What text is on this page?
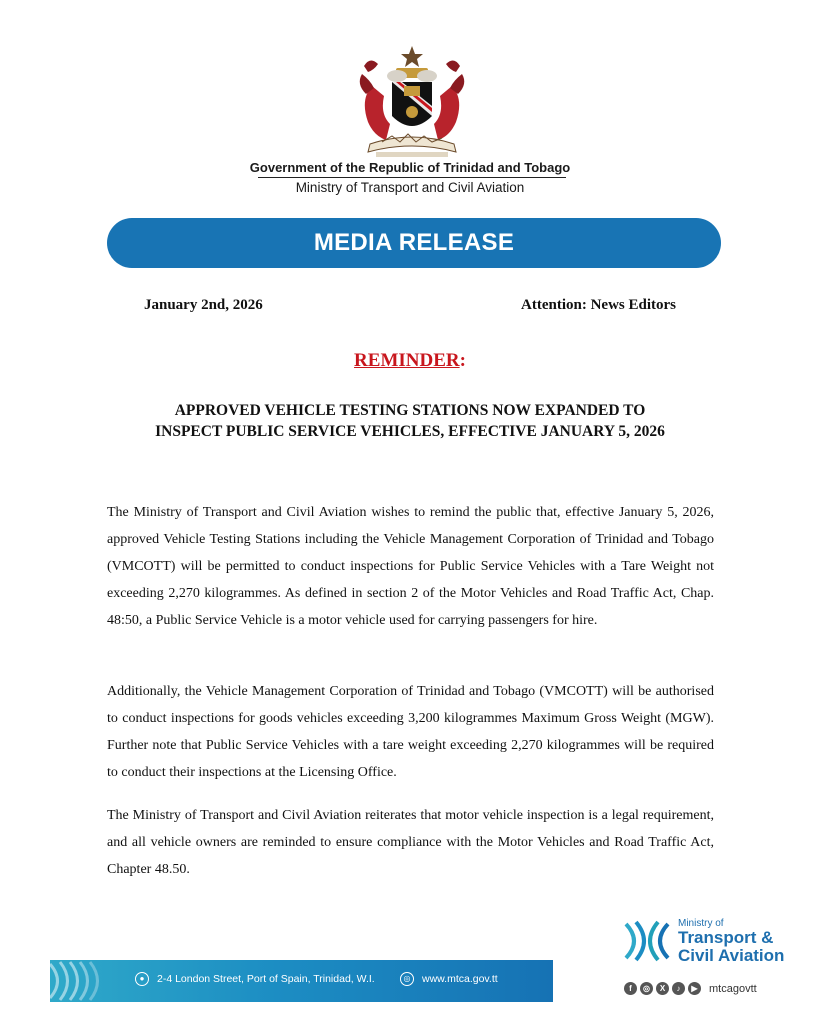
Government of the Republic of Trinidad and Tobago
Ministry of Transport and Civil Aviation
MEDIA RELEASE
January 2nd, 2026	Attention: News Editors
REMINDER:
APPROVED VEHICLE TESTING STATIONS NOW EXPANDED TO
INSPECT PUBLIC SERVICE VEHICLES, EFFECTIVE JANUARY 5, 2026

The Ministry of Transport and Civil Aviation wishes to remind the public that, effective January 5, 2026, approved Vehicle Testing Stations including the Vehicle Management Corporation of Trinidad and Tobago (VMCOTT) will be permitted to conduct inspections for Public Service Vehicles with a Tare Weight not exceeding 2,270 kilogrammes. As defined in section 2 of the Motor Vehicles and Road Traffic Act, Chap. 48:50, a Public Service Vehicle is a motor vehicle used for carrying passengers for hire.

Additionally, the Vehicle Management Corporation of Trinidad and Tobago (VMCOTT) will be authorised to conduct inspections for goods vehicles exceeding 3,200 kilogrammes Maximum Gross Weight (MGW). Further note that Public Service Vehicles with a tare weight exceeding 2,270 kilogrammes will be required to conduct their inspections at the Licensing Office.

The Ministry of Transport and Civil Aviation reiterates that motor vehicle inspection is a legal requirement, and all vehicle owners are reminded to ensure compliance with the Motor Vehicles and Road Traffic Act, Chapter 48.50.

●	2-4 London Street, Port of Spain, Trinidad, W.I.	◎	www.mtca.gov.tt
Ministry of
Transport &
Civil Aviation
f	◎	X	♪	▶	mtcagovtt
